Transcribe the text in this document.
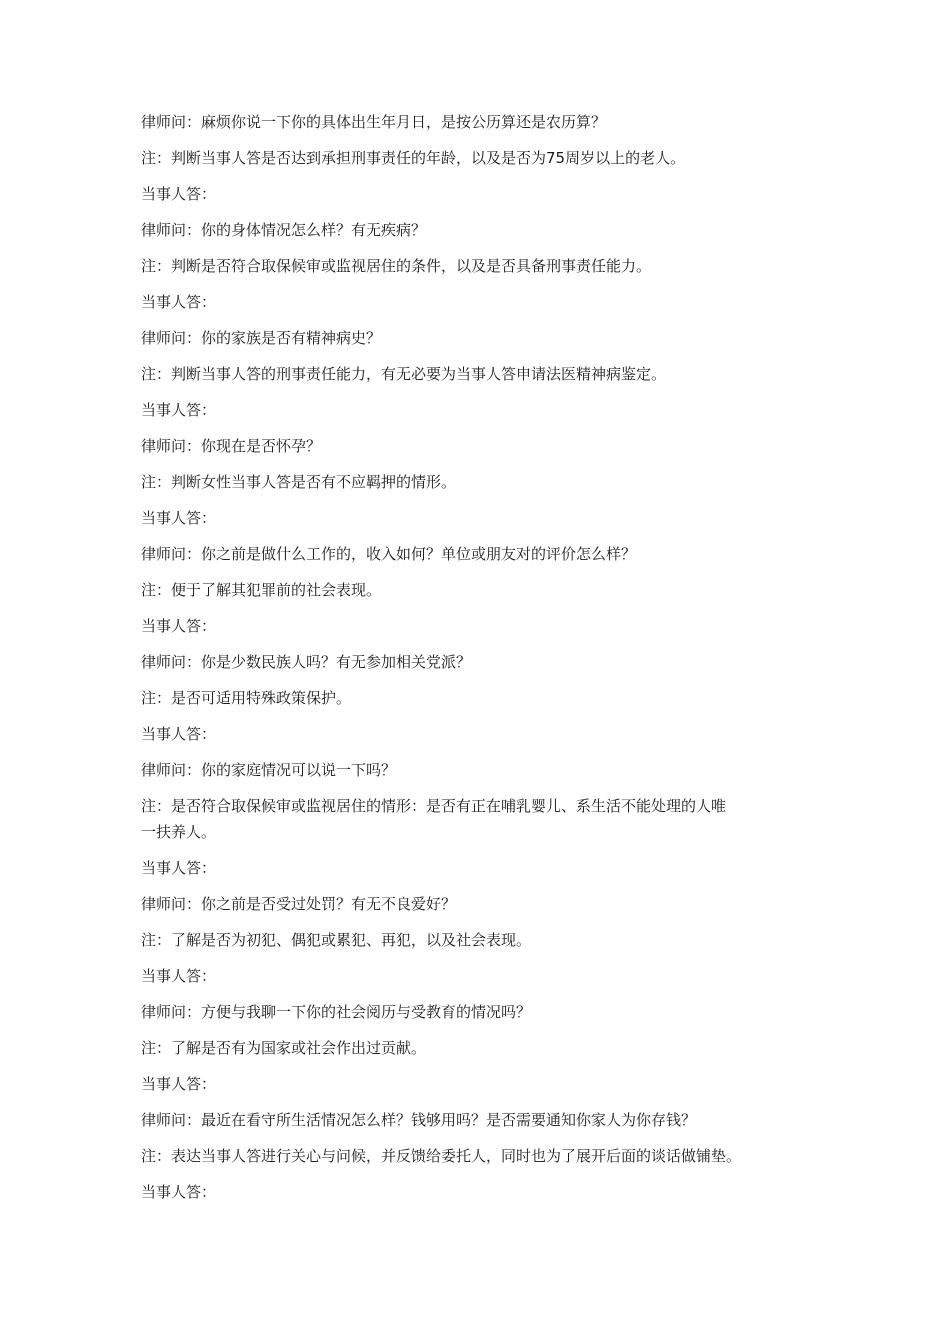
律师问：麻烦你说一下你的具体出生年月日，是按公历算还是农历算？

注：判断当事人答是否达到承担刑事责任的年龄，以及是否为75周岁以上的老人。

当事人答：

律师问：你的身体情况怎么样？有无疾病？

注：判断是否符合取保候审或监视居住的条件，以及是否具备刑事责任能力。

当事人答：

律师问：你的家族是否有精神病史？

注：判断当事人答的刑事责任能力，有无必要为当事人答申请法医精神病鉴定。

当事人答：

律师问：你现在是否怀孕？

注：判断女性当事人答是否有不应羁押的情形。

当事人答：

律师问：你之前是做什么工作的，收入如何？单位或朋友对的评价怎么样？

注：便于了解其犯罪前的社会表现。

当事人答：

律师问：你是少数民族人吗？有无参加相关党派？

注：是否可适用特殊政策保护。

当事人答：

律师问：你的家庭情况可以说一下吗？

注：是否符合取保候审或监视居住的情形：是否有正在哺乳婴儿、系生活不能处理的人唯
一扶养人。

当事人答：

律师问：你之前是否受过处罚？有无不良爱好？

注：了解是否为初犯、偶犯或累犯、再犯，以及社会表现。

当事人答：

律师问：方便与我聊一下你的社会阅历与受教育的情况吗？

注：了解是否有为国家或社会作出过贡献。

当事人答：

律师问：最近在看守所生活情况怎么样？钱够用吗？是否需要通知你家人为你存钱？

注：表达当事人答进行关心与问候，并反馈给委托人，同时也为了展开后面的谈话做铺垫。

当事人答：
